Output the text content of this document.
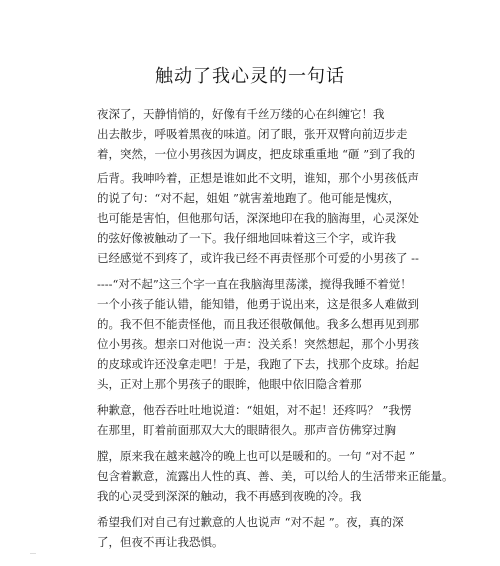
触动了我心灵的一句话
夜深了，天静悄悄的，好像有千丝万缕的心在纠缠它！我
出去散步，呼吸着黑夜的味道。闭了眼，张开双臂向前迈步走
着，突然，一位小男孩因为调皮，把皮球重重地 “砸 ”到了我的
后背。我呻吟着，正想是谁如此不文明，谁知，那个小男孩低声
的说了句：“对不起，姐姐 ”就害羞地跑了。他可能是愧疚，
也可能是害怕，但他那句话，深深地印在我的脑海里，心灵深处
的弦好像被触动了一下。我仔细地回味着这三个字，或许我
已经感觉不到疼了，或许我已经不再责怪那个可爱的小男孩了 --
----“对不起”这三个字一直在我脑海里荡漾，搅得我睡不着觉！
一个小孩子能认错，能知错，他勇于说出来，这是很多人难做到
的。我不但不能责怪他，而且我还很敬佩他。我多么想再见到那
位小男孩。想亲口对他说一声：没关系！突然想起，那个小男孩
的皮球或许还没拿走吧！于是，我跑了下去，找那个皮球。抬起
头，正对上那个男孩子的眼眸，他眼中依旧隐含着那
种歉意，他吞吞吐吐地说道：“姐姐，对不起！还疼吗？ ”我愣
在那里，盯着前面那双大大的眼睛很久。那声音仿佛穿过胸
膛，原来我在越来越冷的晚上也可以是暖和的。一句 “对不起 ”
包含着歉意，流露出人性的真、善、美，可以给人的生活带来正能量。
我的心灵受到深深的触动，我不再感到夜晚的冷。我
希望我们对自己有过歉意的人也说声 “对不起 ”。夜，真的深
了，但夜不再让我恐惧。
